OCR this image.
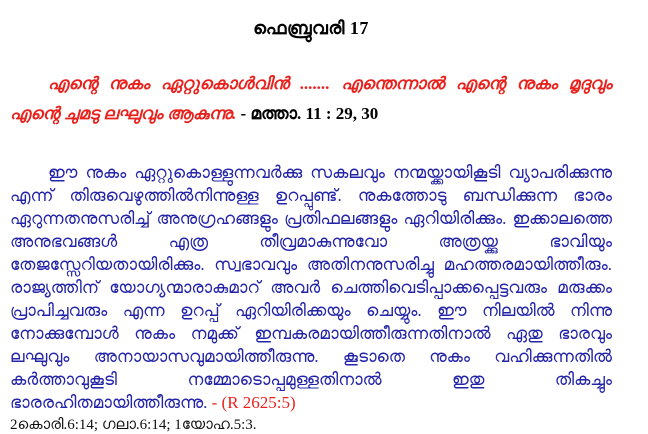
ഫെബ്രുവരി 17

എന്റെ നുകം ഏറ്റുകൊൾവിൻ ....... എന്തെന്നാൽ എന്റെ നുകം മൃദുവും എന്റെ ചുമടു ലഘുവും ആകുന്നു. - മത്താ. 11 : 29, 30

ഈ നുകം ഏറ്റുകൊള്ളുന്നവർക്കു സകലവും നന്മയ്ക്കായികൂടി വ്യാപരിക്കുന്നു എന്ന് തിരുവെഴുത്തിൽനിന്നുള്ള ഉറപ്പുണ്ട്. നുകത്തോടു ബന്ധിക്കുന്ന ഭാരം ഏറുന്നതനുസരിച്ച് അനുഗ്രഹങ്ങളും പ്രതിഫലങ്ങളും ഏറിയിരിക്കും. ഇക്കാലത്തെ അനുഭവങ്ങൾ എത്ര തീവ്രമാകുന്നുവോ അത്രയ്ക്കു ഭാവിയും തേജസ്സേറിയതായിരിക്കും. സ്വഭാവവും അതിനനുസരിച്ചു മഹത്തരമായിത്തീരും. രാജ്യത്തിന് യോഗ്യന്മാരാകുമാറ് അവർ ചെത്തിവെടിപ്പാക്കപ്പെട്ടവരും മരുക്കം പ്രാപിച്ചവരും എന്ന ഉറപ്പ് ഏറിയിരിക്കയും ചെയ്യും. ഈ നിലയിൽ നിന്നു നോക്കുമ്പോൾ നുകം നമുക്ക് ഇമ്പകരമായിത്തീരുന്നതിനാൽ ഏതു ഭാരവും ലഘുവും അനായാസവുമായിത്തീരുന്നു. കൂടാതെ നുകം വഹിക്കുന്നതിൽ കർത്താവുകൂടി നമ്മോടൊപ്പമുള്ളതിനാൽ ഇതു തികച്ചും ഭാരരഹിതമായിത്തീരുന്നു. - (R 2625:5)

2കൊരി.6:14; ഗലാ.6:14; 1യോഹ.5:3.
